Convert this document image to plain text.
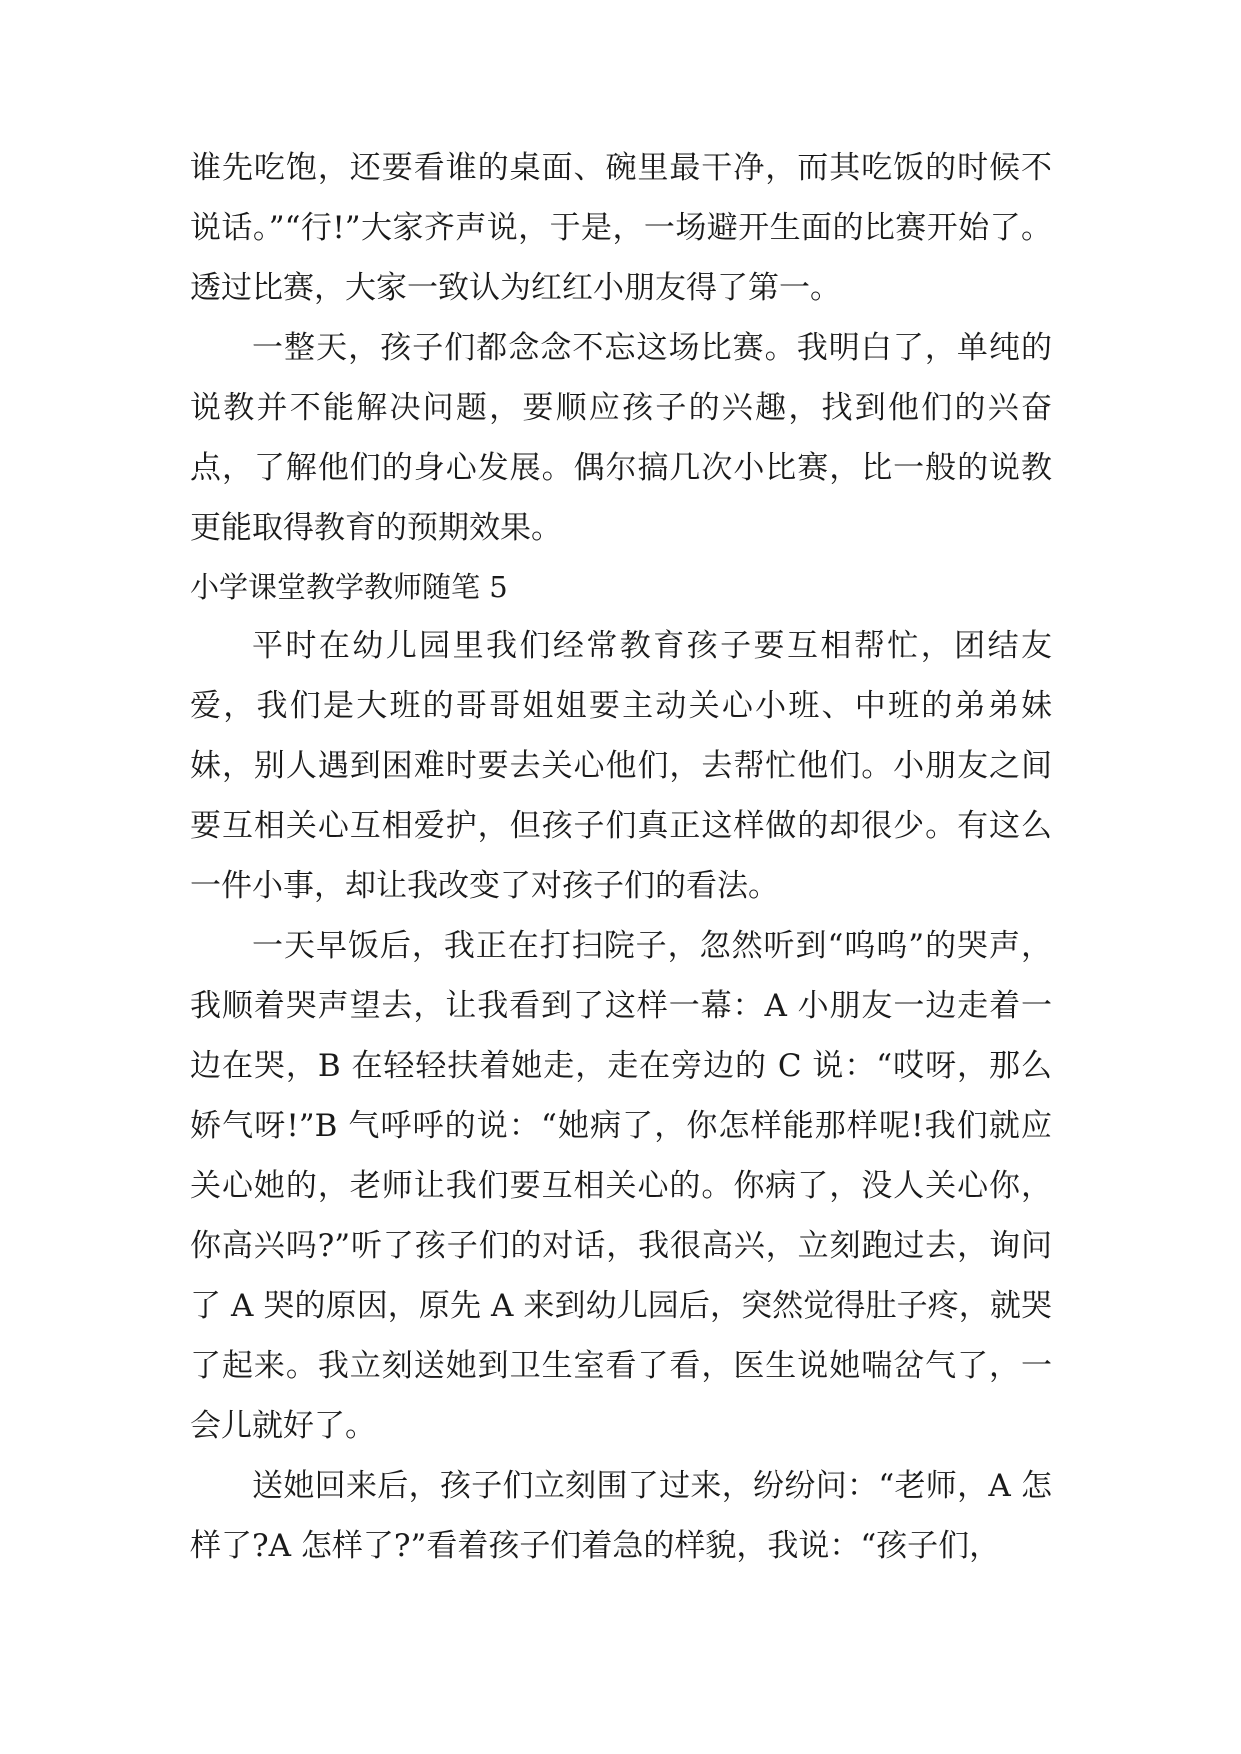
谁先吃饱，还要看谁的桌面、碗里最干净，而其吃饭的时候不说话。”“行!”大家齐声说，于是，一场避开生面的比赛开始了。透过比赛，大家一致认为红红小朋友得了第一。

一整天，孩子们都念念不忘这场比赛。我明白了，单纯的说教并不能解决问题，要顺应孩子的兴趣，找到他们的兴奋点，了解他们的身心发展。偶尔搞几次小比赛，比一般的说教更能取得教育的预期效果。

小学课堂教学教师随笔 5

平时在幼儿园里我们经常教育孩子要互相帮忙，团结友爱，我们是大班的哥哥姐姐要主动关心小班、中班的弟弟妹妹，别人遇到困难时要去关心他们，去帮忙他们。小朋友之间要互相关心互相爱护，但孩子们真正这样做的却很少。有这么一件小事，却让我改变了对孩子们的看法。

一天早饭后，我正在打扫院子，忽然听到“呜呜”的哭声，我顺着哭声望去，让我看到了这样一幕：A 小朋友一边走着一边在哭，B 在轻轻扶着她走，走在旁边的 C 说：“哎呀，那么娇气呀!”B 气呼呼的说：“她病了，你怎样能那样呢!我们就应关心她的，老师让我们要互相关心的。你病了，没人关心你，你高兴吗?”听了孩子们的对话，我很高兴，立刻跑过去，询问了 A 哭的原因，原先 A 来到幼儿园后，突然觉得肚子疼，就哭了起来。我立刻送她到卫生室看了看，医生说她喘岔气了，一会儿就好了。

送她回来后，孩子们立刻围了过来，纷纷问：“老师，A 怎样了?A 怎样了?”看着孩子们着急的样貌，我说：“孩子们，
